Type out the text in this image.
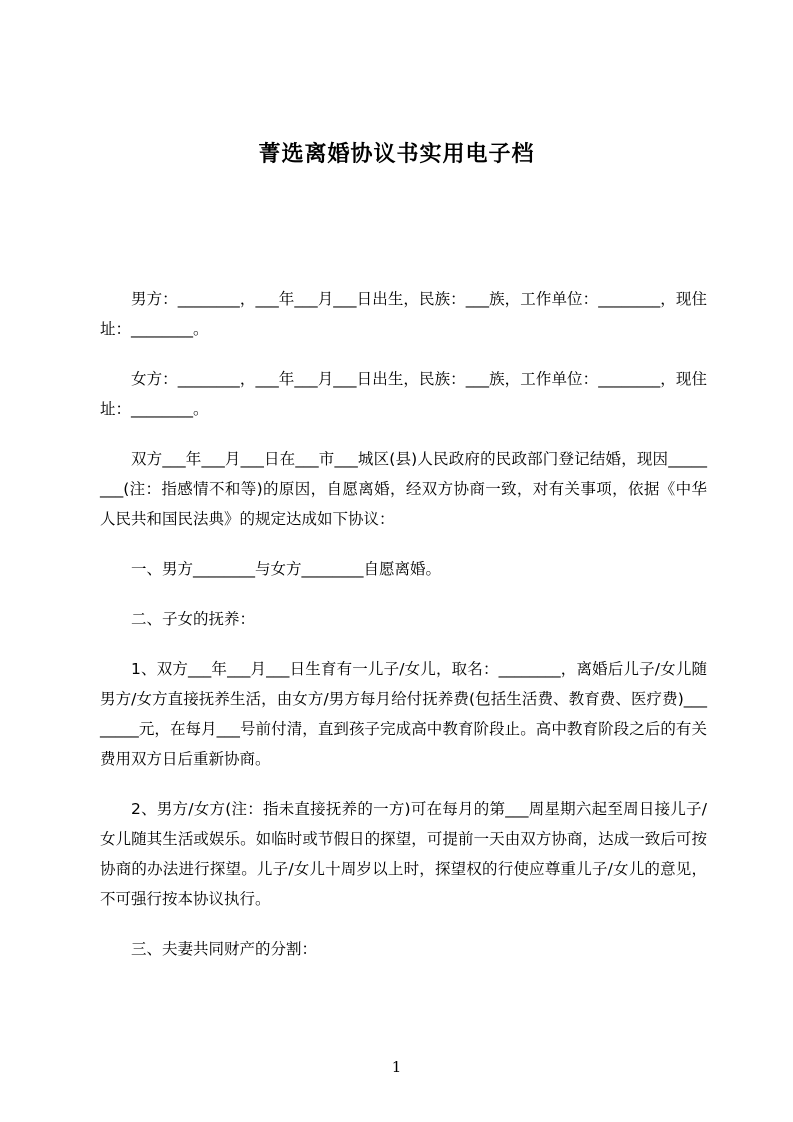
菁选离婚协议书实用电子档

男方：________，___年___月___日出生，民族：___族，工作单位：________，现住址：________。

女方：________，___年___月___日出生，民族：___族，工作单位：________，现住址：________。

双方___年___月___日在___市___城区(县)人民政府的民政部门登记结婚，现因________(注：指感情不和等)的原因，自愿离婚，经双方协商一致，对有关事项，依据《中华人民共和国民法典》的规定达成如下协议：

一、男方________与女方________自愿离婚。

二、子女的抚养：

1、双方___年___月___日生育有一儿子/女儿，取名：________，离婚后儿子/女儿随男方/女方直接抚养生活，由女方/男方每月给付抚养费(包括生活费、教育费、医疗费)________元，在每月___号前付清，直到孩子完成高中教育阶段止。高中教育阶段之后的有关费用双方日后重新协商。

2、男方/女方(注：指未直接抚养的一方)可在每月的第___周星期六起至周日接儿子/女儿随其生活或娱乐。如临时或节假日的探望，可提前一天由双方协商，达成一致后可按协商的办法进行探望。儿子/女儿十周岁以上时，探望权的行使应尊重儿子/女儿的意见，不可强行按本协议执行。

三、夫妻共同财产的分割：

1
